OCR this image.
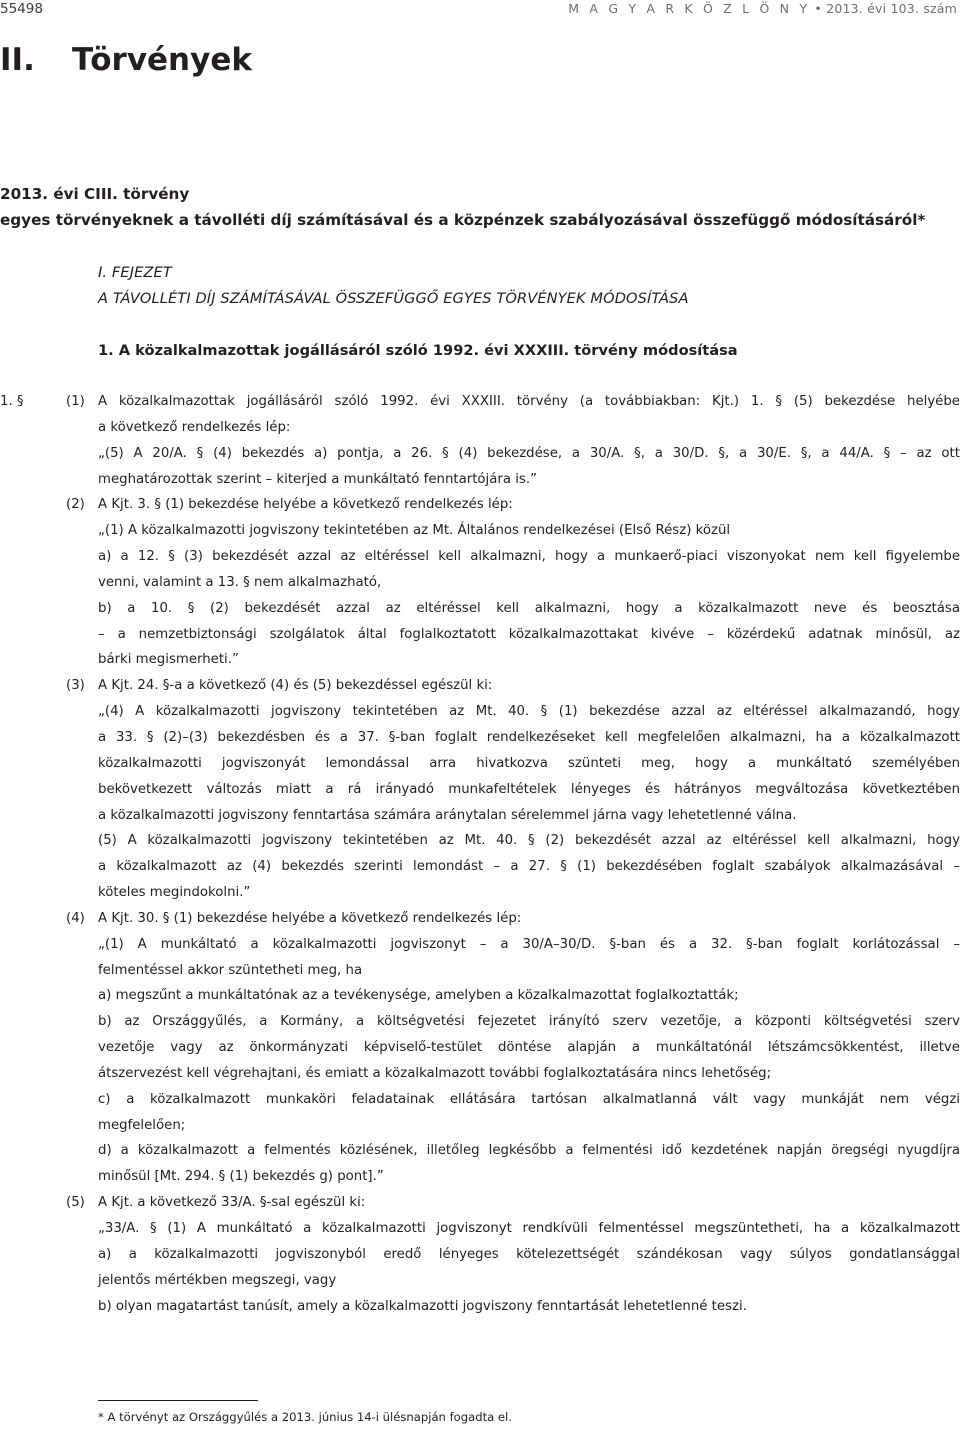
55498	M A G Y A R K Ö Z L Ö N Y • 2013. évi 103. szám
II. Törvények
2013. évi CIII. törvény
egyes törvényeknek a távolléti díj számításával és a közpénzek szabályozásával összefüggő módosításáról*
I. FEJEZET
A TÁVOLLÉTI DÍJ SZÁMÍTÁSÁVAL ÖSSZEFÜGGŐ EGYES TÖRVÉNYEK MÓDOSÍTÁSA
1. A közalkalmazottak jogállásáról szóló 1992. évi XXXIII. törvény módosítása
1. §	(1) A közalkalmazottak jogállásáról szóló 1992. évi XXXIII. törvény (a továbbiakban: Kjt.) 1. § (5) bekezdése helyébe
a következő rendelkezés lép:
„(5) A 20/A. § (4) bekezdés a) pontja, a 26. § (4) bekezdése, a 30/A. §, a 30/D. §, a 30/E. §, a 44/A. § – az ott
meghatározottak szerint – kiterjed a munkáltató fenntartójára is.”
(2) A Kjt. 3. § (1) bekezdése helyébe a következő rendelkezés lép:
„(1) A közalkalmazotti jogviszony tekintetében az Mt. Általános rendelkezései (Első Rész) közül
a) a 12. § (3) bekezdését azzal az eltéréssel kell alkalmazni, hogy a munkaerő-piaci viszonyokat nem kell figyelembe
venni, valamint a 13. § nem alkalmazható,
b) a 10. § (2) bekezdését azzal az eltéréssel kell alkalmazni, hogy a közalkalmazott neve és beosztása
– a nemzetbiztonsági szolgálatok által foglalkoztatott közalkalmazottakat kivéve – közérdekű adatnak minősül, az
bárki megismerheti.”
(3) A Kjt. 24. §-a a következő (4) és (5) bekezdéssel egészül ki:
„(4) A közalkalmazotti jogviszony tekintetében az Mt. 40. § (1) bekezdése azzal az eltéréssel alkalmazandó, hogy
a 33. § (2)–(3) bekezdésben és a 37. §-ban foglalt rendelkezéseket kell megfelelően alkalmazni, ha a közalkalmazott
közalkalmazotti jogviszonyát lemondással arra hivatkozva szünteti meg, hogy a munkáltató személyében
bekövetkezett változás miatt a rá irányadó munkafeltételek lényeges és hátrányos megváltozása következtében
a közalkalmazotti jogviszony fenntartása számára aránytalan sérelemmel járna vagy lehetetlenné válna.
(5) A közalkalmazotti jogviszony tekintetében az Mt. 40. § (2) bekezdését azzal az eltéréssel kell alkalmazni, hogy
a közalkalmazott az (4) bekezdés szerinti lemondást – a 27. § (1) bekezdésében foglalt szabályok alkalmazásával –
köteles megindokolni.”
(4) A Kjt. 30. § (1) bekezdése helyébe a következő rendelkezés lép:
„(1) A munkáltató a közalkalmazotti jogviszonyt – a 30/A–30/D. §-ban és a 32. §-ban foglalt korlátozással –
felmentéssel akkor szüntetheti meg, ha
a) megszűnt a munkáltatónak az a tevékenysége, amelyben a közalkalmazottat foglalkoztatták;
b) az Országgyűlés, a Kormány, a költségvetési fejezetet irányító szerv vezetője, a központi költségvetési szerv
vezetője vagy az önkormányzati képviselő-testület döntése alapján a munkáltatónál létszámcsökkentést, illetve
átszervezést kell végrehajtani, és emiatt a közalkalmazott további foglalkoztatására nincs lehetőség;
c) a közalkalmazott munkaköri feladatainak ellátására tartósan alkalmatlanná vált vagy munkáját nem végzi
megfelelően;
d) a közalkalmazott a felmentés közlésének, illetőleg legkésőbb a felmentési idő kezdetének napján öregségi nyugdíjra
minősül [Mt. 294. § (1) bekezdés g) pont].”
(5) A Kjt. a következő 33/A. §-sal egészül ki:
„33/A. § (1) A munkáltató a közalkalmazotti jogviszonyt rendkívüli felmentéssel megszüntetheti, ha a közalkalmazott
a) a közalkalmazotti jogviszonyból eredő lényeges kötelezettségét szándékosan vagy súlyos gondatlansággal
jelentős mértékben megszegi, vagy
b) olyan magatartást tanúsít, amely a közalkalmazotti jogviszony fenntartását lehetetlenné teszi.
* A törvényt az Országgyűlés a 2013. június 14-i ülésnapján fogadta el.
